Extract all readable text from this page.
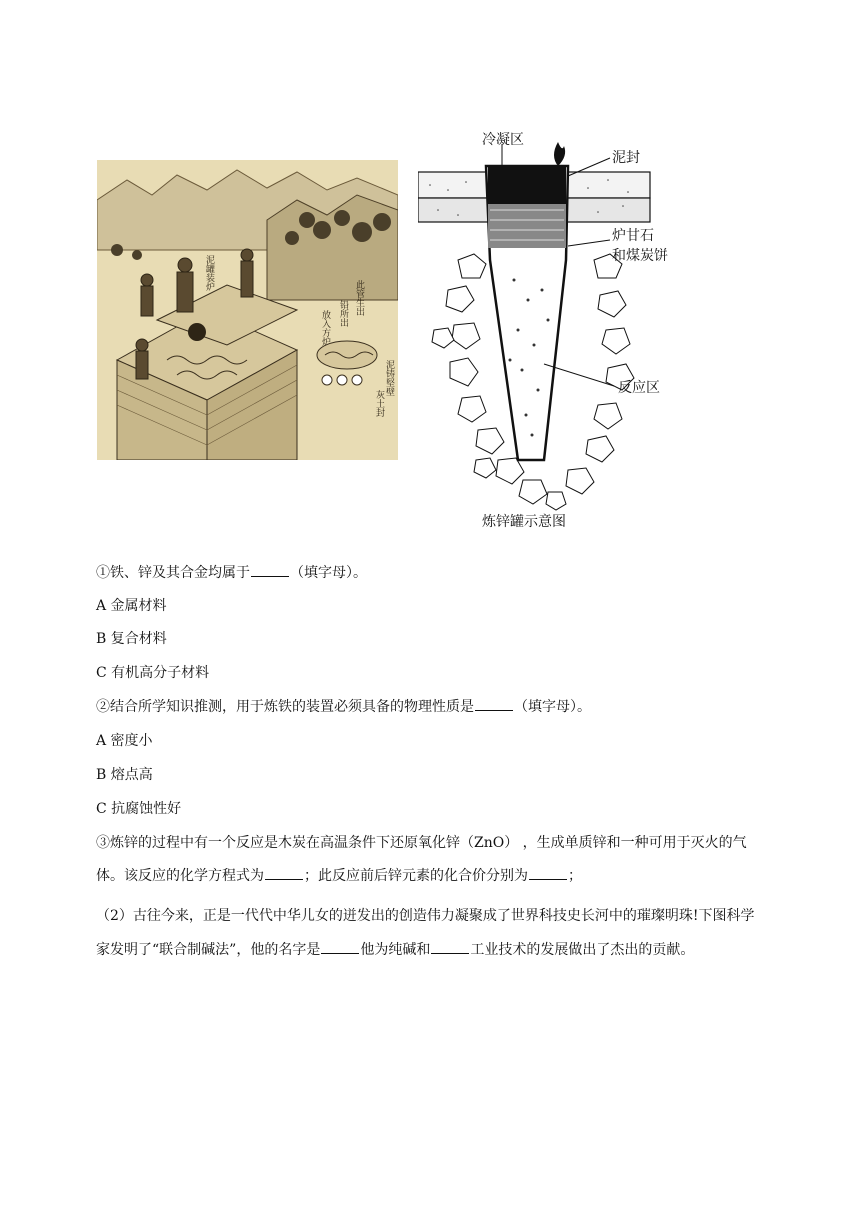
泥罐装炉
此管生出
放入方炉
灰土封
铅所出
泥铸堅壁
冷凝区
泥封
炉甘石
和煤炭饼
反应区
炼锌罐示意图
①铁、锌及其合金均属于	（填字母）。
A 金属材料
B 复合材料
C 有机高分子材料
②结合所学知识推测，用于炼铁的装置必须具备的物理性质是	（填字母）。
A 密度小
B 熔点高
C 抗腐蚀性好
③炼锌的过程中有一个反应是木炭在高温条件下还原氧化锌（ZnO） ，生成单质锌和一种可用于灭火的气
体。该反应的化学方程式为	；此反应前后锌元素的化合价分别为	；
（2）古往今来，正是一代代中华儿女的迸发出的创造伟力凝聚成了世界科技史长河中的璀璨明珠!下图科学
家发明了“联合制碱法”，他的名字是	他为纯碱和	工业技术的发展做出了杰出的贡献。
